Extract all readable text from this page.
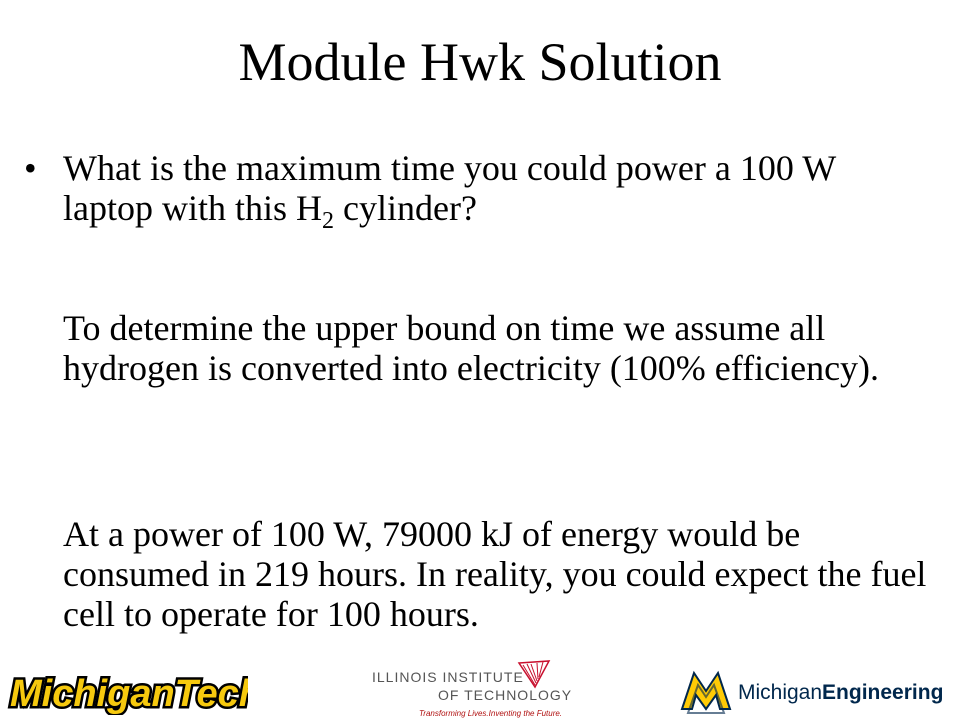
Module Hwk Solution
• What is the maximum time you could power a 100 W laptop with this $H_2$ cylinder?
To determine the upper bound on time we assume all hydrogen is converted into electricity (100% efficiency).
At a power of 100 W, 79000 kJ of energy would be consumed in 219 hours. In reality, you could expect the fuel cell to operate for 100 hours.
MichiganTech	ILLINOIS INSTITUTE
OF TECHNOLOGY
Transforming Lives.Inventing the Future.
MichiganEngineering
